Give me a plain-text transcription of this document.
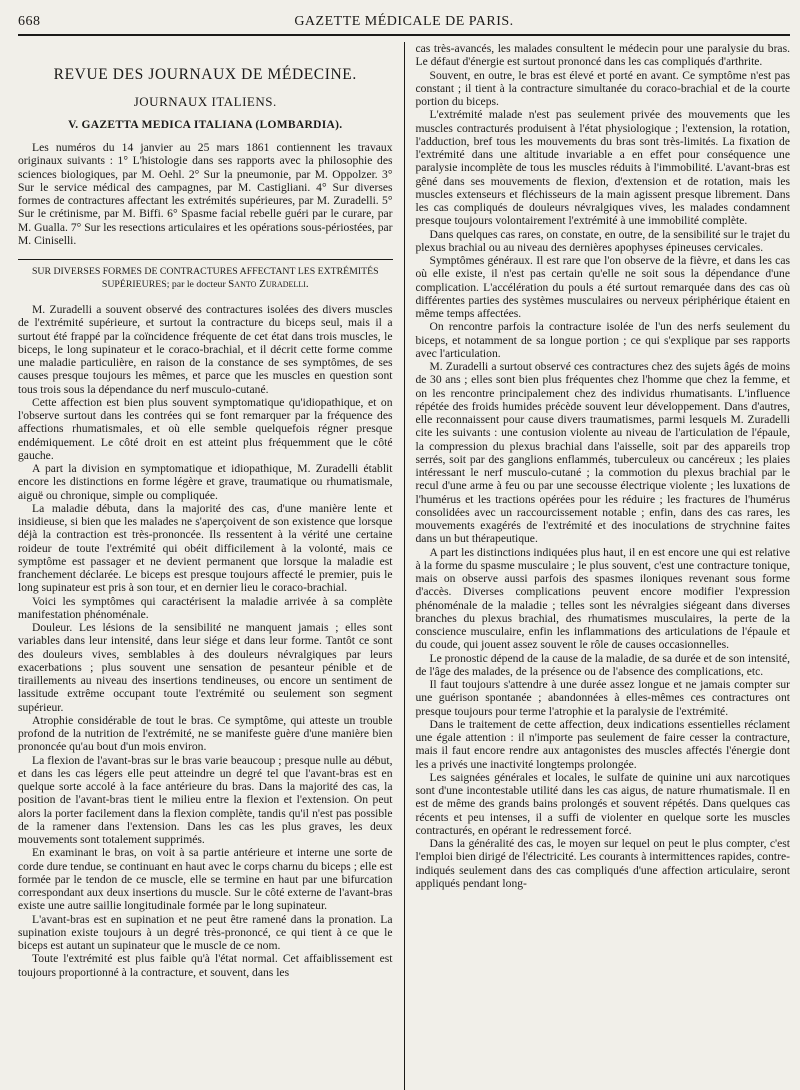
668	GAZETTE MÉDICALE DE PARIS.
REVUE DES JOURNAUX DE MÉDECINE.
JOURNAUX ITALIENS.
V. GAZETTA MEDICA ITALIANA (LOMBARDIA).

Les numéros du 14 janvier au 25 mars 1861 contiennent les travaux originaux suivants : 1° L'histologie dans ses rapports avec la philosophie des sciences biologiques, par M. Oehl. 2° Sur la pneumonie, par M. Oppolzer. 3° Sur le service médical des campagnes, par M. Castigliani. 4° Sur diverses formes de contractures affectant les extrémités supérieures, par M. Zuradelli. 5° Sur le crétinisme, par M. Biffi. 6° Spasme facial rebelle guéri par le curare, par M. Gualla. 7° Sur les resections articulaires et les opérations sous-périostées, par M. Ciniselli.

SUR DIVERSES FORMES DE CONTRACTURES AFFECTANT LES EXTRÉMITÉS SUPÉRIEURES; par le docteur Santo Zuradelli.

M. Zuradelli a souvent observé des contractures isolées des divers muscles de l'extrémité supérieure, et surtout la contracture du biceps seul, mais il a surtout été frappé par la coïncidence fréquente de cet état dans trois muscles, le biceps, le long supinateur et le coraco-brachial, et il décrit cette forme comme une maladie particulière, en raison de la constance de ses symptômes, de ses causes presque toujours les mêmes, et parce que les muscles en question sont tous trois sous la dépendance du nerf musculo-cutané.

Cette affection est bien plus souvent symptomatique qu'idiopathique, et on l'observe surtout dans les contrées qui se font remarquer par la fréquence des affections rhumatismales, et où elle semble quelquefois régner presque endémiquement. Le côté droit en est atteint plus fréquemment que le côté gauche.

A part la division en symptomatique et idiopathique, M. Zuradelli établit encore les distinctions en forme légère et grave, traumatique ou rhumatismale, aiguë ou chronique, simple ou compliquée.

La maladie débuta, dans la majorité des cas, d'une manière lente et insidieuse, si bien que les malades ne s'aperçoivent de son existence que lorsque déjà la contraction est très-prononcée. Ils ressentent à la vérité une certaine roideur de toute l'extrémité qui obéit difficilement à la volonté, mais ce symptôme est passager et ne devient permanent que lorsque la maladie est franchement déclarée. Le biceps est presque toujours affecté le premier, puis le long supinateur est pris à son tour, et en dernier lieu le coraco-brachial.

Voici les symptômes qui caractérisent la maladie arrivée à sa complète manifestation phénoménale.

Douleur. Les lésions de la sensibilité ne manquent jamais ; elles sont variables dans leur intensité, dans leur siége et dans leur forme. Tantôt ce sont des douleurs vives, semblables à des douleurs névralgiques par leurs exacerbations ; plus souvent une sensation de pesanteur pénible et de tiraillements au niveau des insertions tendineuses, ou encore un sentiment de lassitude extrême occupant toute l'extrémité ou seulement son segment supérieur.

Atrophie considérable de tout le bras. Ce symptôme, qui atteste un trouble profond de la nutrition de l'extrémité, ne se manifeste guère d'une manière bien prononcée qu'au bout d'un mois environ.

La flexion de l'avant-bras sur le bras varie beaucoup ; presque nulle au début, et dans les cas légers elle peut atteindre un degré tel que l'avant-bras est en quelque sorte accolé à la face antérieure du bras. Dans la majorité des cas, la position de l'avant-bras tient le milieu entre la flexion et l'extension. On peut alors la porter facilement dans la flexion complète, tandis qu'il n'est pas possible de la ramener dans l'extension. Dans les cas les plus graves, les deux mouvements sont totalement supprimés.

En examinant le bras, on voit à sa partie antérieure et interne une sorte de corde dure tendue, se continuant en haut avec le corps charnu du biceps ; elle est formée par le tendon de ce muscle, elle se termine en haut par une bifurcation correspondant aux deux insertions du muscle. Sur le côté externe de l'avant-bras existe une autre saillie longitudinale formée par le long supinateur.

L'avant-bras est en supination et ne peut être ramené dans la pronation. La supination existe toujours à un degré très-prononcé, ce qui tient à ce que le biceps est autant un supinateur que le muscle de ce nom.

Toute l'extrémité est plus faible qu'à l'état normal. Cet affaiblissement est toujours proportionné à la contracture, et souvent, dans les

cas très-avancés, les malades consultent le médecin pour une paralysie du bras. Le défaut d'énergie est surtout prononcé dans les cas compliqués d'arthrite.

Souvent, en outre, le bras est élevé et porté en avant. Ce symptôme n'est pas constant ; il tient à la contracture simultanée du coraco-brachial et de la courte portion du biceps.

L'extrémité malade n'est pas seulement privée des mouvements que les muscles contracturés produisent à l'état physiologique ; l'extension, la rotation, l'adduction, bref tous les mouvements du bras sont très-limités. La fixation de l'extrémité dans une altitude invariable a en effet pour conséquence une paralysie incomplète de tous les muscles réduits à l'immobilité. L'avant-bras est gêné dans ses mouvements de flexion, d'extension et de rotation, mais les muscles extenseurs et fléchisseurs de la main agissent presque librement. Dans les cas compliqués de douleurs névralgiques vives, les malades condamnent presque toujours volontairement l'extrémité à une immobilité complète.

Dans quelques cas rares, on constate, en outre, de la sensibilité sur le trajet du plexus brachial ou au niveau des dernières apophyses épineuses cervicales.

Symptômes généraux. Il est rare que l'on observe de la fièvre, et dans les cas où elle existe, il n'est pas certain qu'elle ne soit sous la dépendance d'une complication. L'accélération du pouls a été surtout remarquée dans des cas où différentes parties des systèmes musculaires ou nerveux périphérique étaient en même temps affectées.

On rencontre parfois la contracture isolée de l'un des nerfs seulement du biceps, et notamment de sa longue portion ; ce qui s'explique par ses rapports avec l'articulation.

M. Zuradelli a surtout observé ces contractures chez des sujets âgés de moins de 30 ans ; elles sont bien plus fréquentes chez l'homme que chez la femme, et on les rencontre principalement chez des individus rhumatisants. L'influence répétée des froids humides précède souvent leur développement. Dans d'autres, elle reconnaissent pour cause divers traumatismes, parmi lesquels M. Zuradelli cite les suivants : une contusion violente au niveau de l'articulation de l'épaule, la compression du plexus brachial dans l'aisselle, soit par des appareils trop serrés, soit par des ganglions enflammés, tuberculeux ou cancéreux ; les plaies intéressant le nerf musculo-cutané ; la commotion du plexus brachial par le recul d'une arme à feu ou par une secousse électrique violente ; les luxations de l'humérus et les tractions opérées pour les réduire ; les fractures de l'humérus consolidées avec un raccourcissement notable ; enfin, dans des cas rares, les mouvements exagérés de l'extrémité et des inoculations de strychnine faites dans un but thérapeutique.

A part les distinctions indiquées plus haut, il en est encore une qui est relative à la forme du spasme musculaire ; le plus souvent, c'est une contracture tonique, mais on observe aussi parfois des spasmes iloniques revenant sous forme d'accès. Diverses complications peuvent encore modifier l'expression phénoménale de la maladie ; telles sont les névralgies siégeant dans diverses branches du plexus brachial, des rhumatismes musculaires, la perte de la conscience musculaire, enfin les inflammations des articulations de l'épaule et du coude, qui jouent assez souvent le rôle de causes occasionnelles.

Le pronostic dépend de la cause de la maladie, de sa durée et de son intensité, de l'âge des malades, de la présence ou de l'absence des complications, etc.

Il faut toujours s'attendre à une durée assez longue et ne jamais compter sur une guérison spontanée ; abandonnées à elles-mêmes ces contractures ont presque toujours pour terme l'atrophie et la paralysie de l'extrémité.

Dans le traitement de cette affection, deux indications essentielles réclament une égale attention : il n'importe pas seulement de faire cesser la contracture, mais il faut encore rendre aux antagonistes des muscles affectés l'énergie dont les a privés une inactivité longtemps prolongée.

Les saignées générales et locales, le sulfate de quinine uni aux narcotiques sont d'une incontestable utilité dans les cas aigus, de nature rhumatismale. Il en est de même des grands bains prolongés et souvent répétés. Dans quelques cas récents et peu intenses, il a suffi de violenter en quelque sorte les muscles contracturés, en opérant le redressement forcé.

Dans la généralité des cas, le moyen sur lequel on peut le plus compter, c'est l'emploi bien dirigé de l'électricité. Les courants à intermittences rapides, contre-indiqués seulement dans des cas compliqués d'une affection articulaire, seront appliqués pendant long-
